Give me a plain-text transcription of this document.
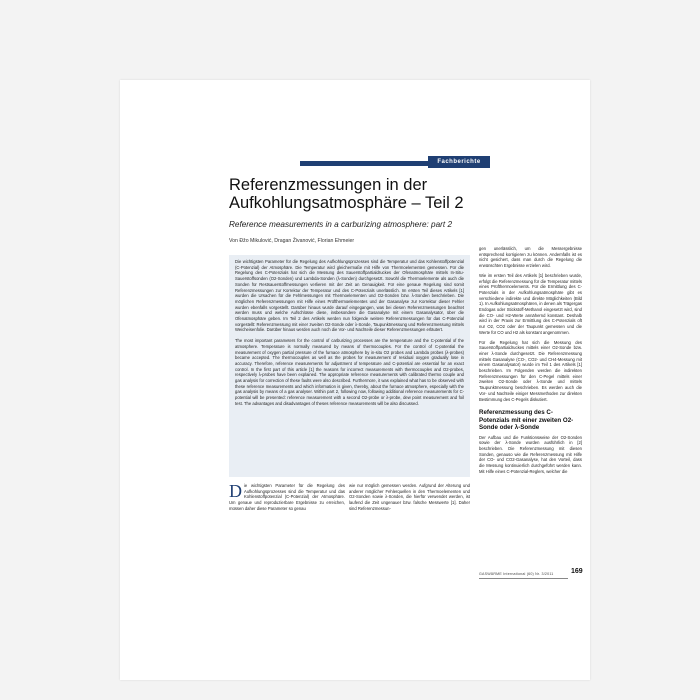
Fachberichte
Referenzmessungen in der Aufkohlungsatmosphäre – Teil 2
Reference measurements in a carburizing atmosphere: part 2
Von Đžo Mikulović, Dragan Živanović, Florian Ehmeier

Die wichtigsten Parameter für die Regelung des Aufkohlungsprozesses sind die Temperatur und das Kohlenstoffpotenzial (C-Potenzial) der Atmosphäre. Die Temperatur wird gleichermaße mit Hilfe von Thermoelementen gemessen. Für die Regelung des C-Potenzials hat sich die Messung des Sauerstoffpartialdruckes der Ofenatmosphäre mittels In-Situ-Sauerstoffsonden (O2-Sonden) und Lambda-Sonden (λ-Sonden) durchgesetzt. Sowohl die Thermoelemente als auch die Sonden für Restsauerstoffmessungen verlieren mit der Zeit an Genauigkeit. Für eine genaue Regelung sind somit Referenzmessungen zur Korrektur der Temperatur und des C-Potenzials unerlässlich. Im ersten Teil dieses Artikels [1] wurden die Ursachen für die Fehlmessungen mit Thermoelementen und O2-Sonden bzw. λ-Sonden beschrieben. Die möglichen Referenzmessungen mit Hilfe eines Prüfthermoelementes und der Gasanalyse zur Korrektur dieser Fehler wurden ebenfalls vorgestellt. Darüber hinaus wurde darauf eingegangen, was bei diesen Referenzmessungen beachtet werden muss und welche Aufschlüsse diese, insbesondere die Gasanalyse mit einem Gasanalysator, über die Ofenatmosphäre geben. Im Teil 2 des Artikels werden nun folgende weitere Referenzmessungen für das C-Potenzial vorgestellt: Referenzmessung mit einer zweiten O2-Sonde oder λ-Sonde, Taupunktmessung und Referenzmessung mittels Weicheisenfolie. Darüber hinaus werden auch noch die Vor- und Nachteile dieser Referenzmessungen erläutert.

The most important parameters for the control of carburizing processes are the temperature and the C-potential of the atmosphere. Temperature is normally measured by means of thermocouples. For the control of C-potential the measurement of oxygen partial pressure of the furnace atmosphere by in-situ O2 probes and Lambda probes (λ-probes) became accepted. The thermocouples as well as the probes for measurement of residual oxygen gradually lose in accuracy. Therefore, reference measurements for adjustment of temperature and C-potential are essential for an exact control. In the first part of this article [1] the reasons for incorrect measurements with thermocouples and O2-probes, respectively λ-probes have been explained. The appropriate reference measurements with calibrated thermo couple and gas analysis for correction of these faults were also described. Furthermore, it was explained what has to be observed with these reference measurements and which information is given, thereby, about the furnace atmosphere, especially with the gas analysis by means of a gas analyser. Within part 2, following now, following additional reference measurements for C-potential will be presented: reference measurement with a second O2-probe or λ-probe, dew point measurement and foil test. The advantages and disadvantages of theses reference measurements will be also discussed.

Die wichtigsten Parameter für die Regelung des Aufkohlungsprozesses sind die Temperatur und das Kohlenstoffpotenzial (C-Potenzial) der Atmosphäre. Um genaue und reproduzierbare Ergebnisse zu erreichen, müssen daher diese Parameter so genau

wie nur möglich gemessen werden. Aufgrund der Alterung und anderer möglicher Fehlerquellen in den Thermoelementen und O2-Sonden sowie λ-Sonden, die hierfür verwendet werden, ist laufend die Zeit ungenauer bzw. falsche Messwerte [1]. Daher sind Referenzmessun-

gen unerlässlich, um die Messergebnisse entsprechend korrigieren zu können. Andernfalls ist es nicht gesichert, dass man durch die Regelung die erwünschten Ergebnisse erzielen wird.

Wie im ersten Teil des Artikels [1] beschrieben wurde, erfolgt die Referenzmessung für die Temperatur mittels eines Prüfthermoelements. Für die Ermittlung des C-Potenzials in der Aufkohlungsatmosphäre gibt es verschiedene indirekte und direkte Möglichkeiten (Bild 1). In Aufkohlungsatmosphären, in denen als Trägergas Endogas oder Stickstoff-Methanol eingesetzt wird, sind die CO- und H2-Werte annähernd konstant. Deshalb wird in der Praxis zur Ermittlung des C-Potenzials oft nur O2, CO2 oder der Taupunkt gemessen und die Werte für CO und H2 als konstant angenommen.

Für die Regelung hat sich die Messung des Sauerstoffpartialdruckes mittels einer O2-Sonde bzw. einer λ-Sonde durchgesetzt. Die Referenzmessung mittels Gasanalyse (CO-, CO2- und CH4-Messung mit einem Gasanalysator) wurde im Teil 1 des Artikels [1] beschrieben. Im Folgenden werden die indirekten Referenzmessungen für den C-Pegel mittels einer zweiten O2-Sonde oder λ-Sonde und mittels Taupunktmessung beschrieben. Es werden auch die Vor- und Nachteile einiger Messmethoden zur direkten Bestimmung des C-Pegels diskutiert.

Referenzmessung des C-Potenzials mit einer zweiten O2-Sonde oder λ-Sonde

Der Aufbau und die Funktionsweise der O2-Sonden sowie der λ-Sonde wurden ausführlich in [2] beschrieben. Die Referenzmessung mit diesen Sonden, genauso wie die Referenzmessung mit Hilfe der CO- und CO2-Gasanalyse, hat den Vorteil, dass die Messung kontinuierlich durchgeführt werden kann. Mit Hilfe eines C-Potenzial-Reglers, welcher die

GASWÄRME International (60) Nr. 3/2011	169
